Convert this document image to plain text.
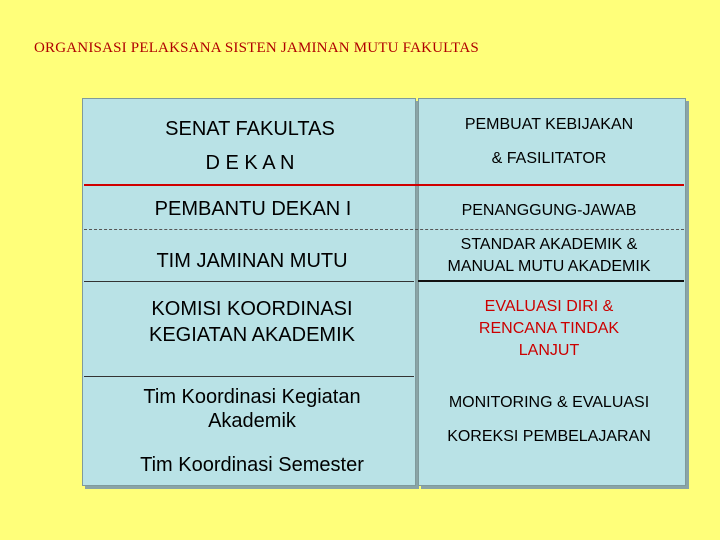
ORGANISASI PELAKSANA SISTEN JAMINAN MUTU FAKULTAS
SENAT FAKULTAS
D E K A N
PEMBANTU DEKAN I
TIM JAMINAN MUTU
KOMISI KOORDINASI
KEGIATAN AKADEMIK
Tim Koordinasi Kegiatan
Akademik
Tim Koordinasi Semester
PEMBUAT KEBIJAKAN
& FASILITATOR
PENANGGUNG-JAWAB
STANDAR AKADEMIK &
MANUAL MUTU AKADEMIK
EVALUASI DIRI &
RENCANA TINDAK
LANJUT
MONITORING & EVALUASI
KOREKSI PEMBELAJARAN
